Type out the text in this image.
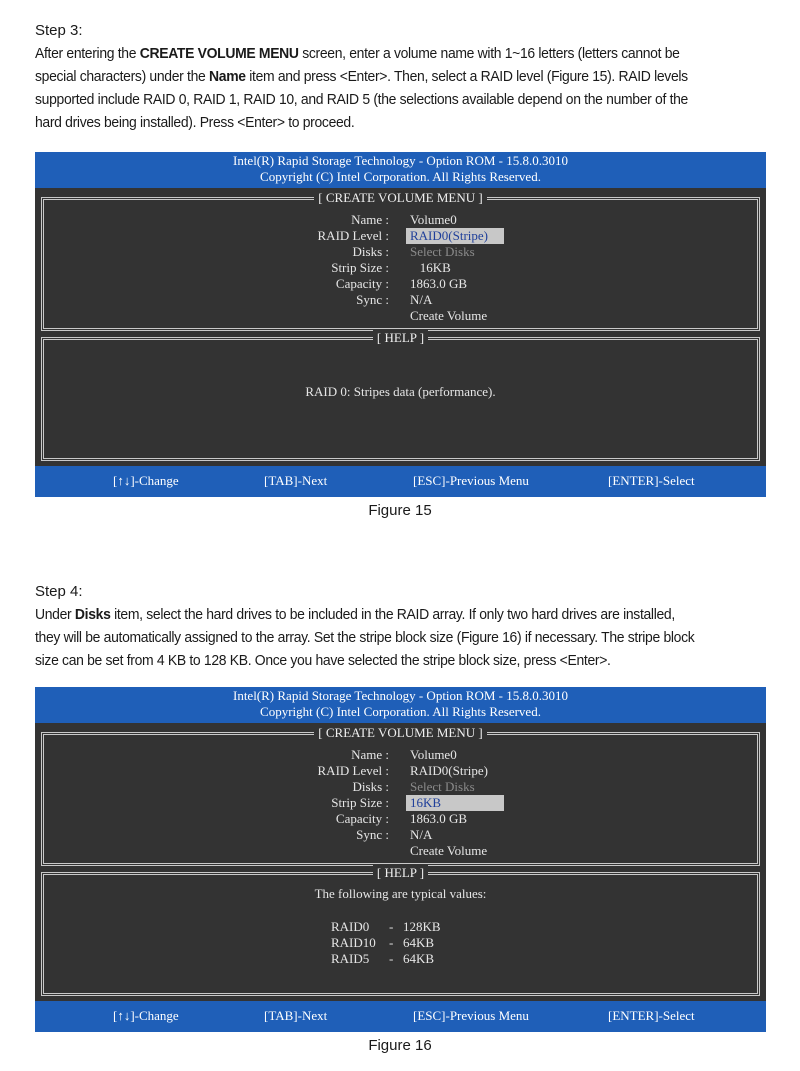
Step 3:
After entering the CREATE VOLUME MENU screen, enter a volume name with 1~16 letters (letters cannot be
special characters) under the Name item and press <Enter>. Then, select a RAID level (Figure 15). RAID levels
supported include RAID 0, RAID 1, RAID 10, and RAID 5 (the selections available depend on the number of the
hard drives being installed). Press <Enter> to proceed.
Intel(R) Rapid Storage Technology - Option ROM - 15.8.0.3010
Copyright (C) Intel Corporation. All Rights Reserved.
[ CREATE VOLUME MENU ]
Name : Volume0
RAID Level :	RAID0(Stripe)
Disks : Select Disks
Strip Size : 16KB
Capacity : 1863.0 GB
Sync : N/A
Create Volume
[ HELP ]
RAID 0: Stripes data (performance).
[↑↓]-Change	[TAB]-Next	[ESC]-Previous Menu	[ENTER]-Select
Figure 15
Step 4:
Under Disks item, select the hard drives to be included in the RAID array. If only two hard drives are installed,
they will be automatically assigned to the array. Set the stripe block size (Figure 16) if necessary. The stripe block
size can be set from 4 KB to 128 KB. Once you have selected the stripe block size, press <Enter>.
Intel(R) Rapid Storage Technology - Option ROM - 15.8.0.3010
Copyright (C) Intel Corporation. All Rights Reserved.
[ CREATE VOLUME MENU ]
Name : Volume0
RAID Level : RAID0(Stripe)
Disks : Select Disks
Strip Size :	16KB
Capacity : 1863.0 GB
Sync : N/A
Create Volume
[ HELP ]
The following are typical values:
RAID0 - 128KB
RAID10 - 64KB
RAID5 - 64KB
[↑↓]-Change	[TAB]-Next	[ESC]-Previous Menu	[ENTER]-Select
Figure 16
